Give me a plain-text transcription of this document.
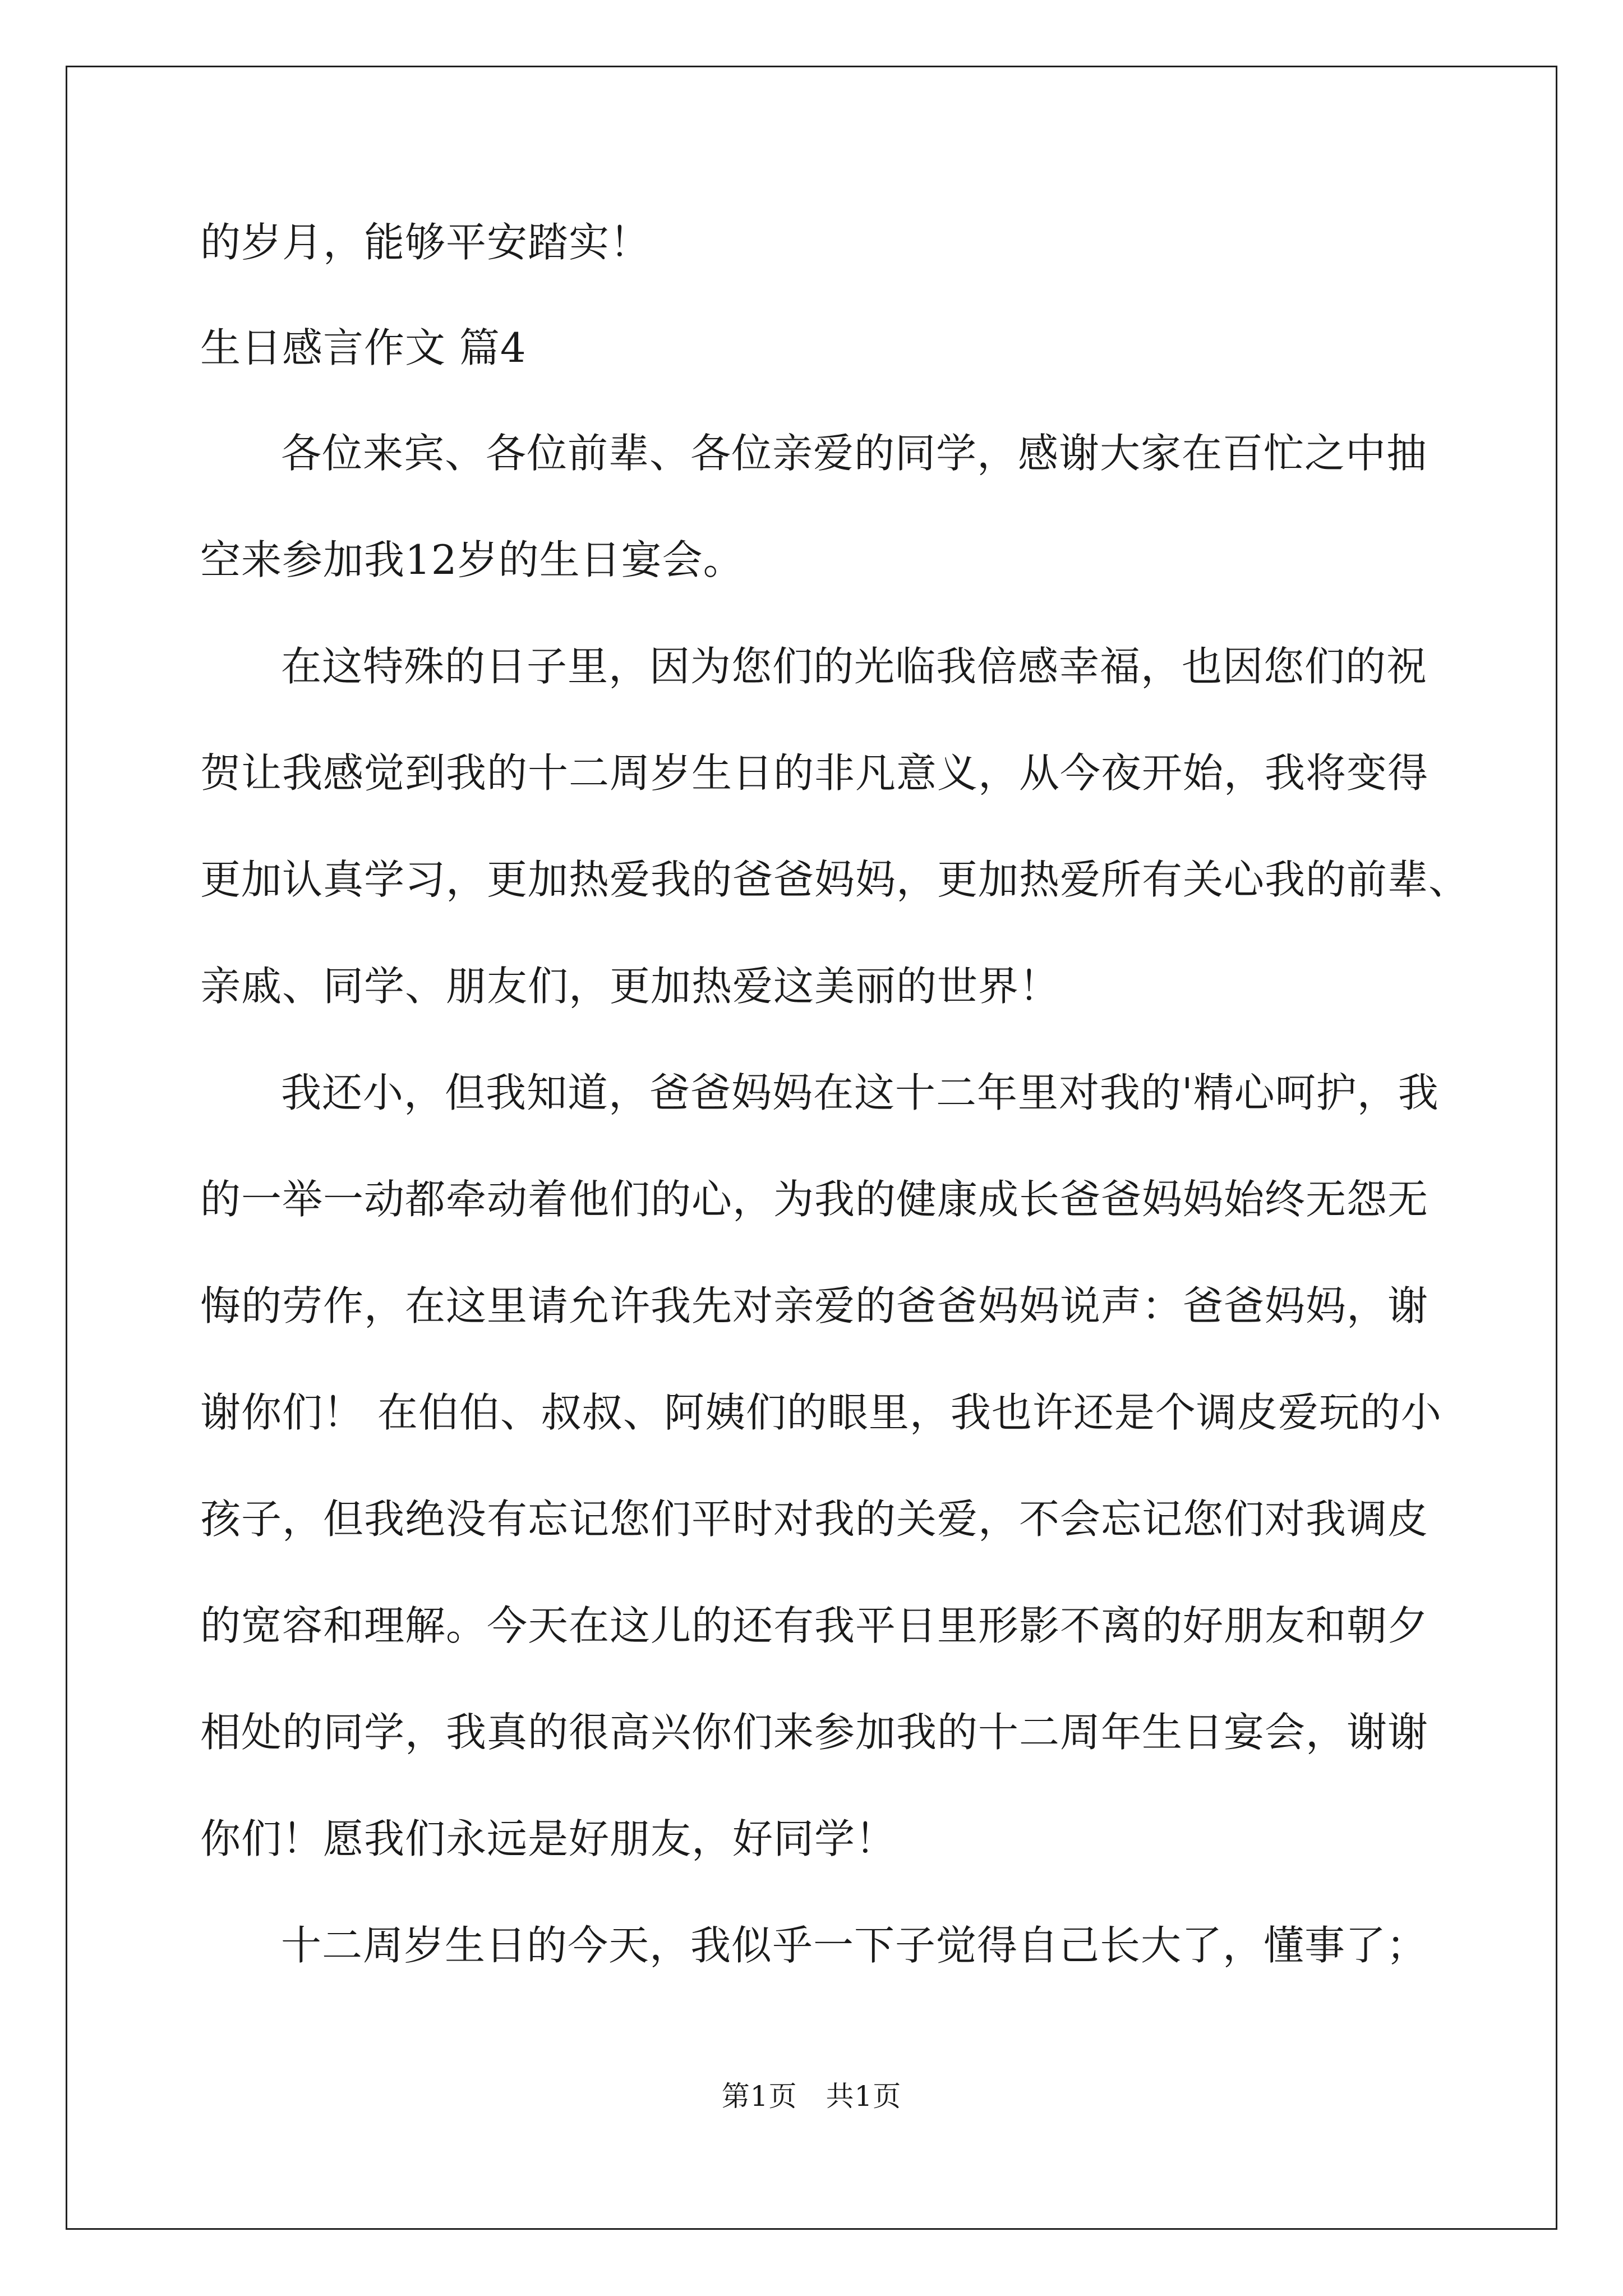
的岁月，能够平安踏实！
生日感言作文 篇4
各位来宾、各位前辈、各位亲爱的同学，感谢大家在百忙之中抽
空来参加我12岁的生日宴会。
在这特殊的日子里，因为您们的光临我倍感幸福，也因您们的祝
贺让我感觉到我的十二周岁生日的非凡意义，从今夜开始，我将变得
更加认真学习，更加热爱我的爸爸妈妈，更加热爱所有关心我的前辈、
亲戚、同学、朋友们，更加热爱这美丽的世界！
我还小，但我知道，爸爸妈妈在这十二年里对我的'精心呵护，我
的一举一动都牵动着他们的心，为我的健康成长爸爸妈妈始终无怨无
悔的劳作，在这里请允许我先对亲爱的爸爸妈妈说声：爸爸妈妈，谢
谢你们！ 在伯伯、叔叔、阿姨们的眼里，我也许还是个调皮爱玩的小
孩子，但我绝没有忘记您们平时对我的关爱，不会忘记您们对我调皮
的宽容和理解。今天在这儿的还有我平日里形影不离的好朋友和朝夕
相处的同学，我真的很高兴你们来参加我的十二周年生日宴会，谢谢
你们！愿我们永远是好朋友，好同学！
十二周岁生日的今天，我似乎一下子觉得自己长大了，懂事了；
第1页　共1页
